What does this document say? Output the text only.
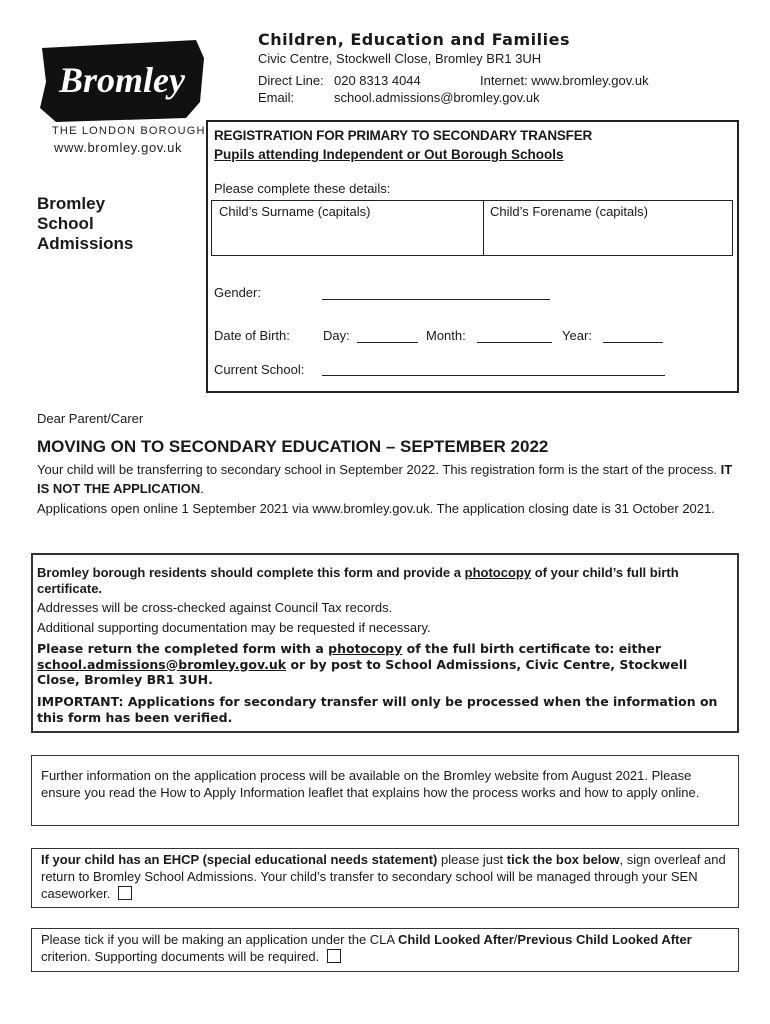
Bromley
THE LONDON BOROUGH
www.bromley.gov.uk
Children, Education and Families
Civic Centre, Stockwell Close, Bromley BR1 3UH
Direct Line: 020 8313 4044	Internet: www.bromley.gov.uk
Email:	school.admissions@bromley.gov.uk
Bromley
School
Admissions
REGISTRATION FOR PRIMARY TO SECONDARY TRANSFER
Pupils attending Independent or Out Borough Schools
Please complete these details:
Child’s Surname (capitals)	Child’s Forename (capitals)
Gender:
Date of Birth:	Day:	Month:	Year:
Current School:
Dear Parent/Carer
MOVING ON TO SECONDARY EDUCATION – SEPTEMBER 2022
Your child will be transferring to secondary school in September 2022. This registration form is the start of the process. IT IS NOT THE APPLICATION.
Applications open online 1 September 2021 via www.bromley.gov.uk. The application closing date is 31 October 2021.
Bromley borough residents should complete this form and provide a photocopy of your child’s full birth certificate.
Addresses will be cross-checked against Council Tax records.
Additional supporting documentation may be requested if necessary.
Please return the completed form with a photocopy of the full birth certificate to: either school.admissions@bromley.gov.uk or by post to School Admissions, Civic Centre, Stockwell Close, Bromley BR1 3UH.
IMPORTANT: Applications for secondary transfer will only be processed when the information on this form has been verified.
Further information on the application process will be available on the Bromley website from August 2021. Please ensure you read the How to Apply Information leaflet that explains how the process works and how to apply online.
If your child has an EHCP (special educational needs statement) please just tick the box below, sign overleaf and return to Bromley School Admissions. Your child’s transfer to secondary school will be managed through your SEN caseworker.
Please tick if you will be making an application under the CLA Child Looked After/Previous Child Looked After criterion. Supporting documents will be required.
